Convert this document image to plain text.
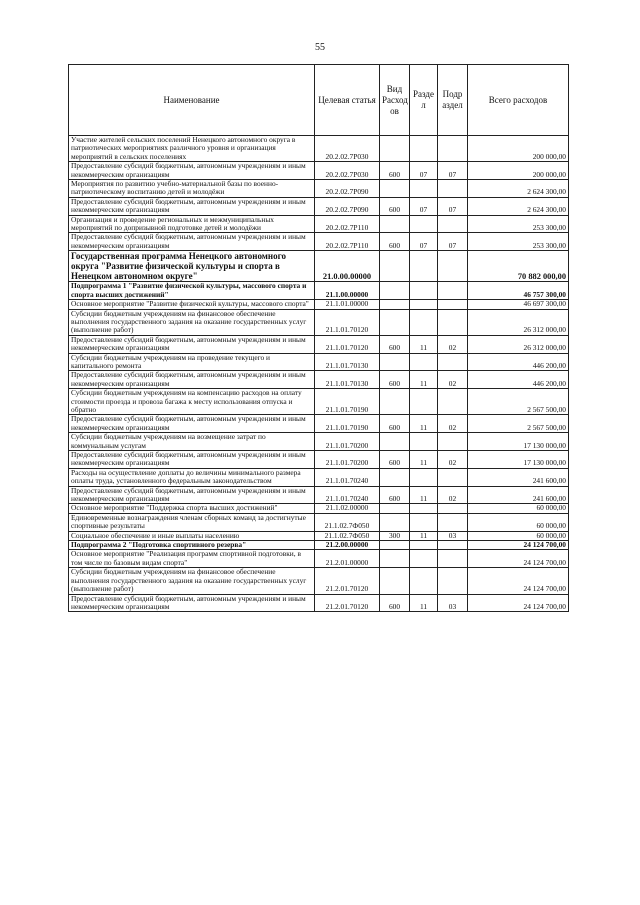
55
Наименование	Целевая статья	Вид Расход ов	Разде л	Подр аздел	Всего расходов
Участие жителей сельских поселений Ненецкого автономного округа в патриотических мероприятиях различного уровня и организация мероприятий в сельских поселениях	20.2.02.7Р030				200 000,00
Предоставление субсидий бюджетным, автономным учреждениям и иным некоммерческим организациям	20.2.02.7Р030	600	07	07	200 000,00
Мероприятия по развитию учебно-материальной базы по военно-патриотическому воспитанию детей и молодёжи	20.2.02.7Р090				2 624 300,00
Предоставление субсидий бюджетным, автономным учреждениям и иным некоммерческим организациям	20.2.02.7Р090	600	07	07	2 624 300,00
Организация и проведение региональных и межмуниципальных мероприятий по допризывной подготовке детей и молодёжи	20.2.02.7Р110				253 300,00
Предоставление субсидий бюджетным, автономным учреждениям и иным некоммерческим организациям	20.2.02.7Р110	600	07	07	253 300,00
Государственная программа Ненецкого автономного округа "Развитие физической культуры и спорта в Ненецком автономном округе"	21.0.00.00000				70 882 000,00
Подпрограмма 1 "Развитие физической культуры, массового спорта и спорта высших достижений"	21.1.00.00000				46 757 300,00
Основное мероприятие "Развитие физической культуры, массового спорта"	21.1.01.00000				46 697 300,00
Субсидии бюджетным учреждениям на финансовое обеспечение выполнения государственного задания на оказание государственных услуг (выполнение работ)	21.1.01.70120				26 312 000,00
Предоставление субсидий бюджетным, автономным учреждениям и иным некоммерческим организациям	21.1.01.70120	600	11	02	26 312 000,00
Субсидии бюджетным учреждениям на проведение текущего и капитального ремонта	21.1.01.70130				446 200,00
Предоставление субсидий бюджетным, автономным учреждениям и иным некоммерческим организациям	21.1.01.70130	600	11	02	446 200,00
Субсидии бюджетным учреждениям на компенсацию расходов на оплату стоимости проезда и провоза багажа к месту использования отпуска и обратно	21.1.01.70190				2 567 500,00
Предоставление субсидий бюджетным, автономным учреждениям и иным некоммерческим организациям	21.1.01.70190	600	11	02	2 567 500,00
Субсидии бюджетным учреждениям на возмещение затрат по коммунальным услугам	21.1.01.70200				17 130 000,00
Предоставление субсидий бюджетным, автономным учреждениям и иным некоммерческим организациям	21.1.01.70200	600	11	02	17 130 000,00
Расходы на осуществление доплаты до величины минимального размера оплаты труда, установленного федеральным законодательством	21.1.01.70240				241 600,00
Предоставление субсидий бюджетным, автономным учреждениям и иным некоммерческим организациям	21.1.01.70240	600	11	02	241 600,00
Основное мероприятие "Поддержка спорта высших достижений"	21.1.02.00000				60 000,00
Единовременные вознаграждения членам сборных команд за достигнутые спортивные результаты	21.1.02.7Ф050				60 000,00
Социальное обеспечение и иные выплаты населению	21.1.02.7Ф050	300	11	03	60 000,00
Подпрограмма 2 "Подготовка спортивного резерва"	21.2.00.00000				24 124 700,00
Основное мероприятие "Реализация программ спортивной подготовки, в том числе по базовым видам спорта"	21.2.01.00000				24 124 700,00
Субсидии бюджетным учреждениям на финансовое обеспечение выполнения государственного задания на оказание государственных услуг (выполнение работ)	21.2.01.70120				24 124 700,00
Предоставление субсидий бюджетным, автономным учреждениям и иным некоммерческим организациям	21.2.01.70120	600	11	03	24 124 700,00
